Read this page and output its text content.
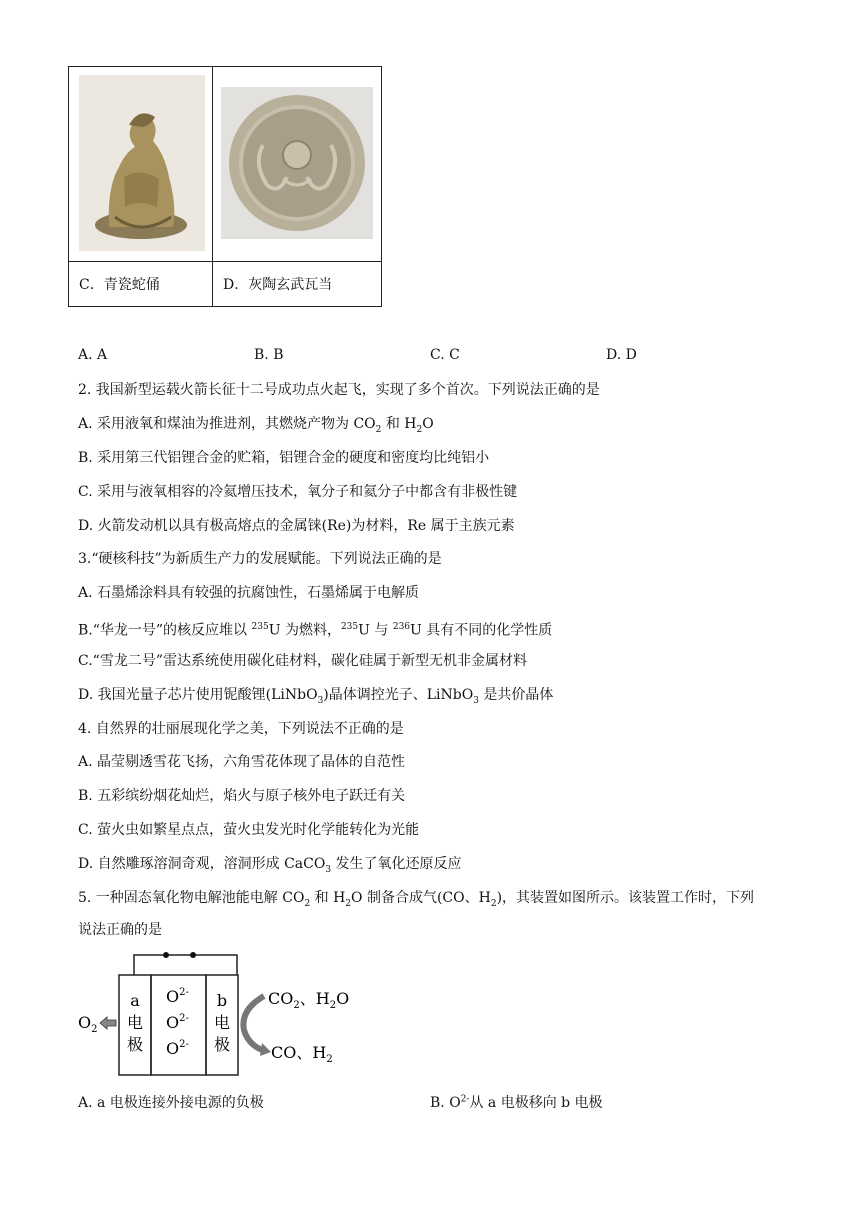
C．青瓷蛇俑	D．灰陶玄武瓦当
A. A	B. B	C. C	D. D
2. 我国新型运载火箭长征十二号成功点火起飞，实现了多个首次。下列说法正确的是
A. 采用液氧和煤油为推进剂，其燃烧产物为 $CO_2$ 和 $H_2O$
B. 采用第三代铝锂合金的贮箱，铝锂合金的硬度和密度均比纯铝小
C. 采用与液氧相容的冷氦增压技术，氧分子和氦分子中都含有非极性键
D. 火箭发动机以具有极高熔点的金属铼(Re)为材料，Re 属于主族元素
3.“硬核科技”为新质生产力的发展赋能。下列说法正确的是
A. 石墨烯涂料具有较强的抗腐蚀性，石墨烯属于电解质
B.“华龙一号”的核反应堆以 $^{235}$U 为燃料，$^{235}$U 与 $^{236}$U 具有不同的化学性质
C.“雪龙二号”雷达系统使用碳化硅材料，碳化硅属于新型无机非金属材料
D. 我国光量子芯片使用铌酸锂(LiNbO$_3$)晶体调控光子、LiNbO$_3$ 是共价晶体
4. 自然界的壮丽展现化学之美，下列说法不正确的是
A. 晶莹剔透雪花飞扬，六角雪花体现了晶体的自范性
B. 五彩缤纷烟花灿烂，焰火与原子核外电子跃迁有关
C. 萤火虫如繁星点点，萤火虫发光时化学能转化为光能
D. 自然雕琢溶洞奇观，溶洞形成 CaCO$_3$ 发生了氧化还原反应
5. 一种固态氧化物电解池能电解 $CO_2$ 和 $H_2O$ 制备合成气(CO、$H_2$)，其装置如图所示。该装置工作时，下列
说法正确的是
a
电
极
b
电
极
$O^{2-}$
$O^{2-}$
$O^{2-}$
$O_2$
$CO_2$、$H_2O$
CO、$H_2$
A. a 电极连接外接电源的负极	B. $O^{2-}$从 a 电极移向 b 电极
